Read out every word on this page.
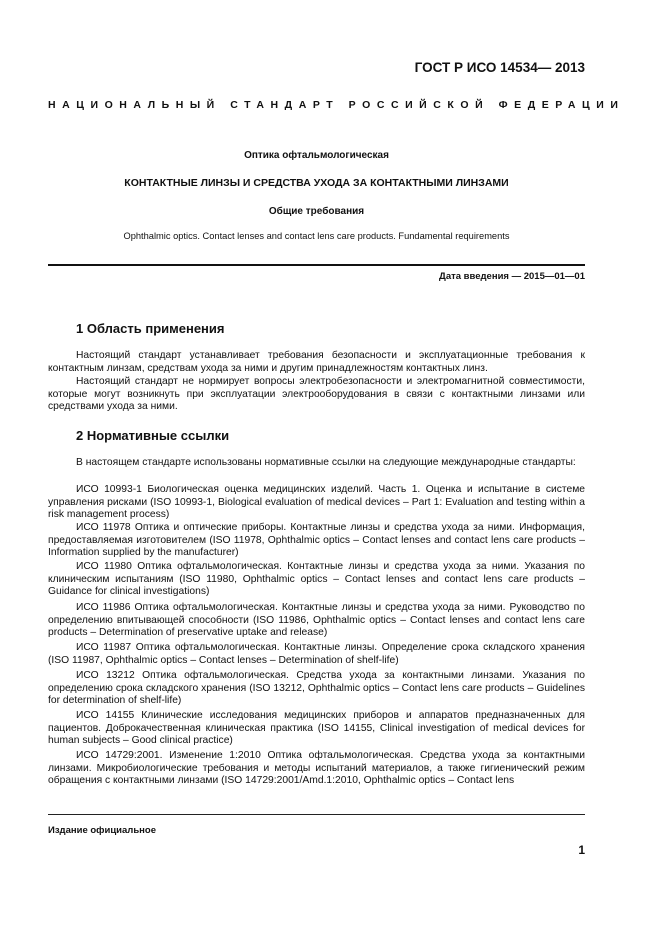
ГОСТ Р ИСО 14534— 2013
НАЦИОНАЛЬНЫЙ СТАНДАРТ РОССИЙСКОЙ ФЕДЕРАЦИИ
Оптика офтальмологическая
КОНТАКТНЫЕ ЛИНЗЫ И СРЕДСТВА УХОДА ЗА КОНТАКТНЫМИ ЛИНЗАМИ
Общие требования
Ophthalmic optics. Contact lenses and contact lens care products. Fundamental requirements
Дата введения — 2015—01—01
1 Область применения
Настоящий стандарт устанавливает требования безопасности и эксплуатационные требования к контактным линзам, средствам ухода за ними и другим принадлежностям контактных линз.
Настоящий стандарт не нормирует вопросы электробезопасности и электромагнитной совместимости, которые могут возникнуть при эксплуатации электрооборудования в связи с контактными линзами или средствами ухода за ними.
2 Нормативные ссылки
В настоящем стандарте использованы нормативные ссылки на следующие международные стандарты:
ИСО 10993-1 Биологическая оценка медицинских изделий. Часть 1. Оценка и испытание в системе управления рисками (ISO 10993-1, Biological evaluation of medical devices – Part 1: Evaluation and testing within a risk management process)
ИСО 11978 Оптика и оптические приборы. Контактные линзы и средства ухода за ними. Информация, предоставляемая изготовителем (ISO 11978, Ophthalmic optics – Contact lenses and contact lens care products – Information supplied by the manufacturer)
ИСО 11980 Оптика офтальмологическая. Контактные линзы и средства ухода за ними. Указания по клиническим испытаниям (ISO 11980, Ophthalmic optics – Contact lenses and contact lens care products – Guidance for clinical investigations)
ИСО 11986 Оптика офтальмологическая. Контактные линзы и средства ухода за ними. Руководство по определению впитывающей способности (ISO 11986, Ophthalmic optics – Contact lenses and contact lens care products – Determination of preservative uptake and release)
ИСО 11987 Оптика офтальмологическая. Контактные линзы. Определение срока складского хранения (ISO 11987, Ophthalmic optics – Contact lenses – Determination of shelf-life)
ИСО 13212 Оптика офтальмологическая. Средства ухода за контактными линзами. Указания по определению срока складского хранения (ISO 13212, Ophthalmic optics – Contact lens care products – Guidelines for determination of shelf-life)
ИСО 14155 Клинические исследования медицинских приборов и аппаратов предназначенных для пациентов. Доброкачественная клиническая практика (ISO 14155, Clinical investigation of medical devices for human subjects – Good clinical practice)
ИСО 14729:2001. Изменение 1:2010 Оптика офтальмологическая. Средства ухода за контактными линзами. Микробиологические требования и методы испытаний материалов, а также гигиенический режим обращения с контактными линзами (ISO 14729:2001/Amd.1:2010, Ophthalmic optics – Contact lens
Издание официальное
1
